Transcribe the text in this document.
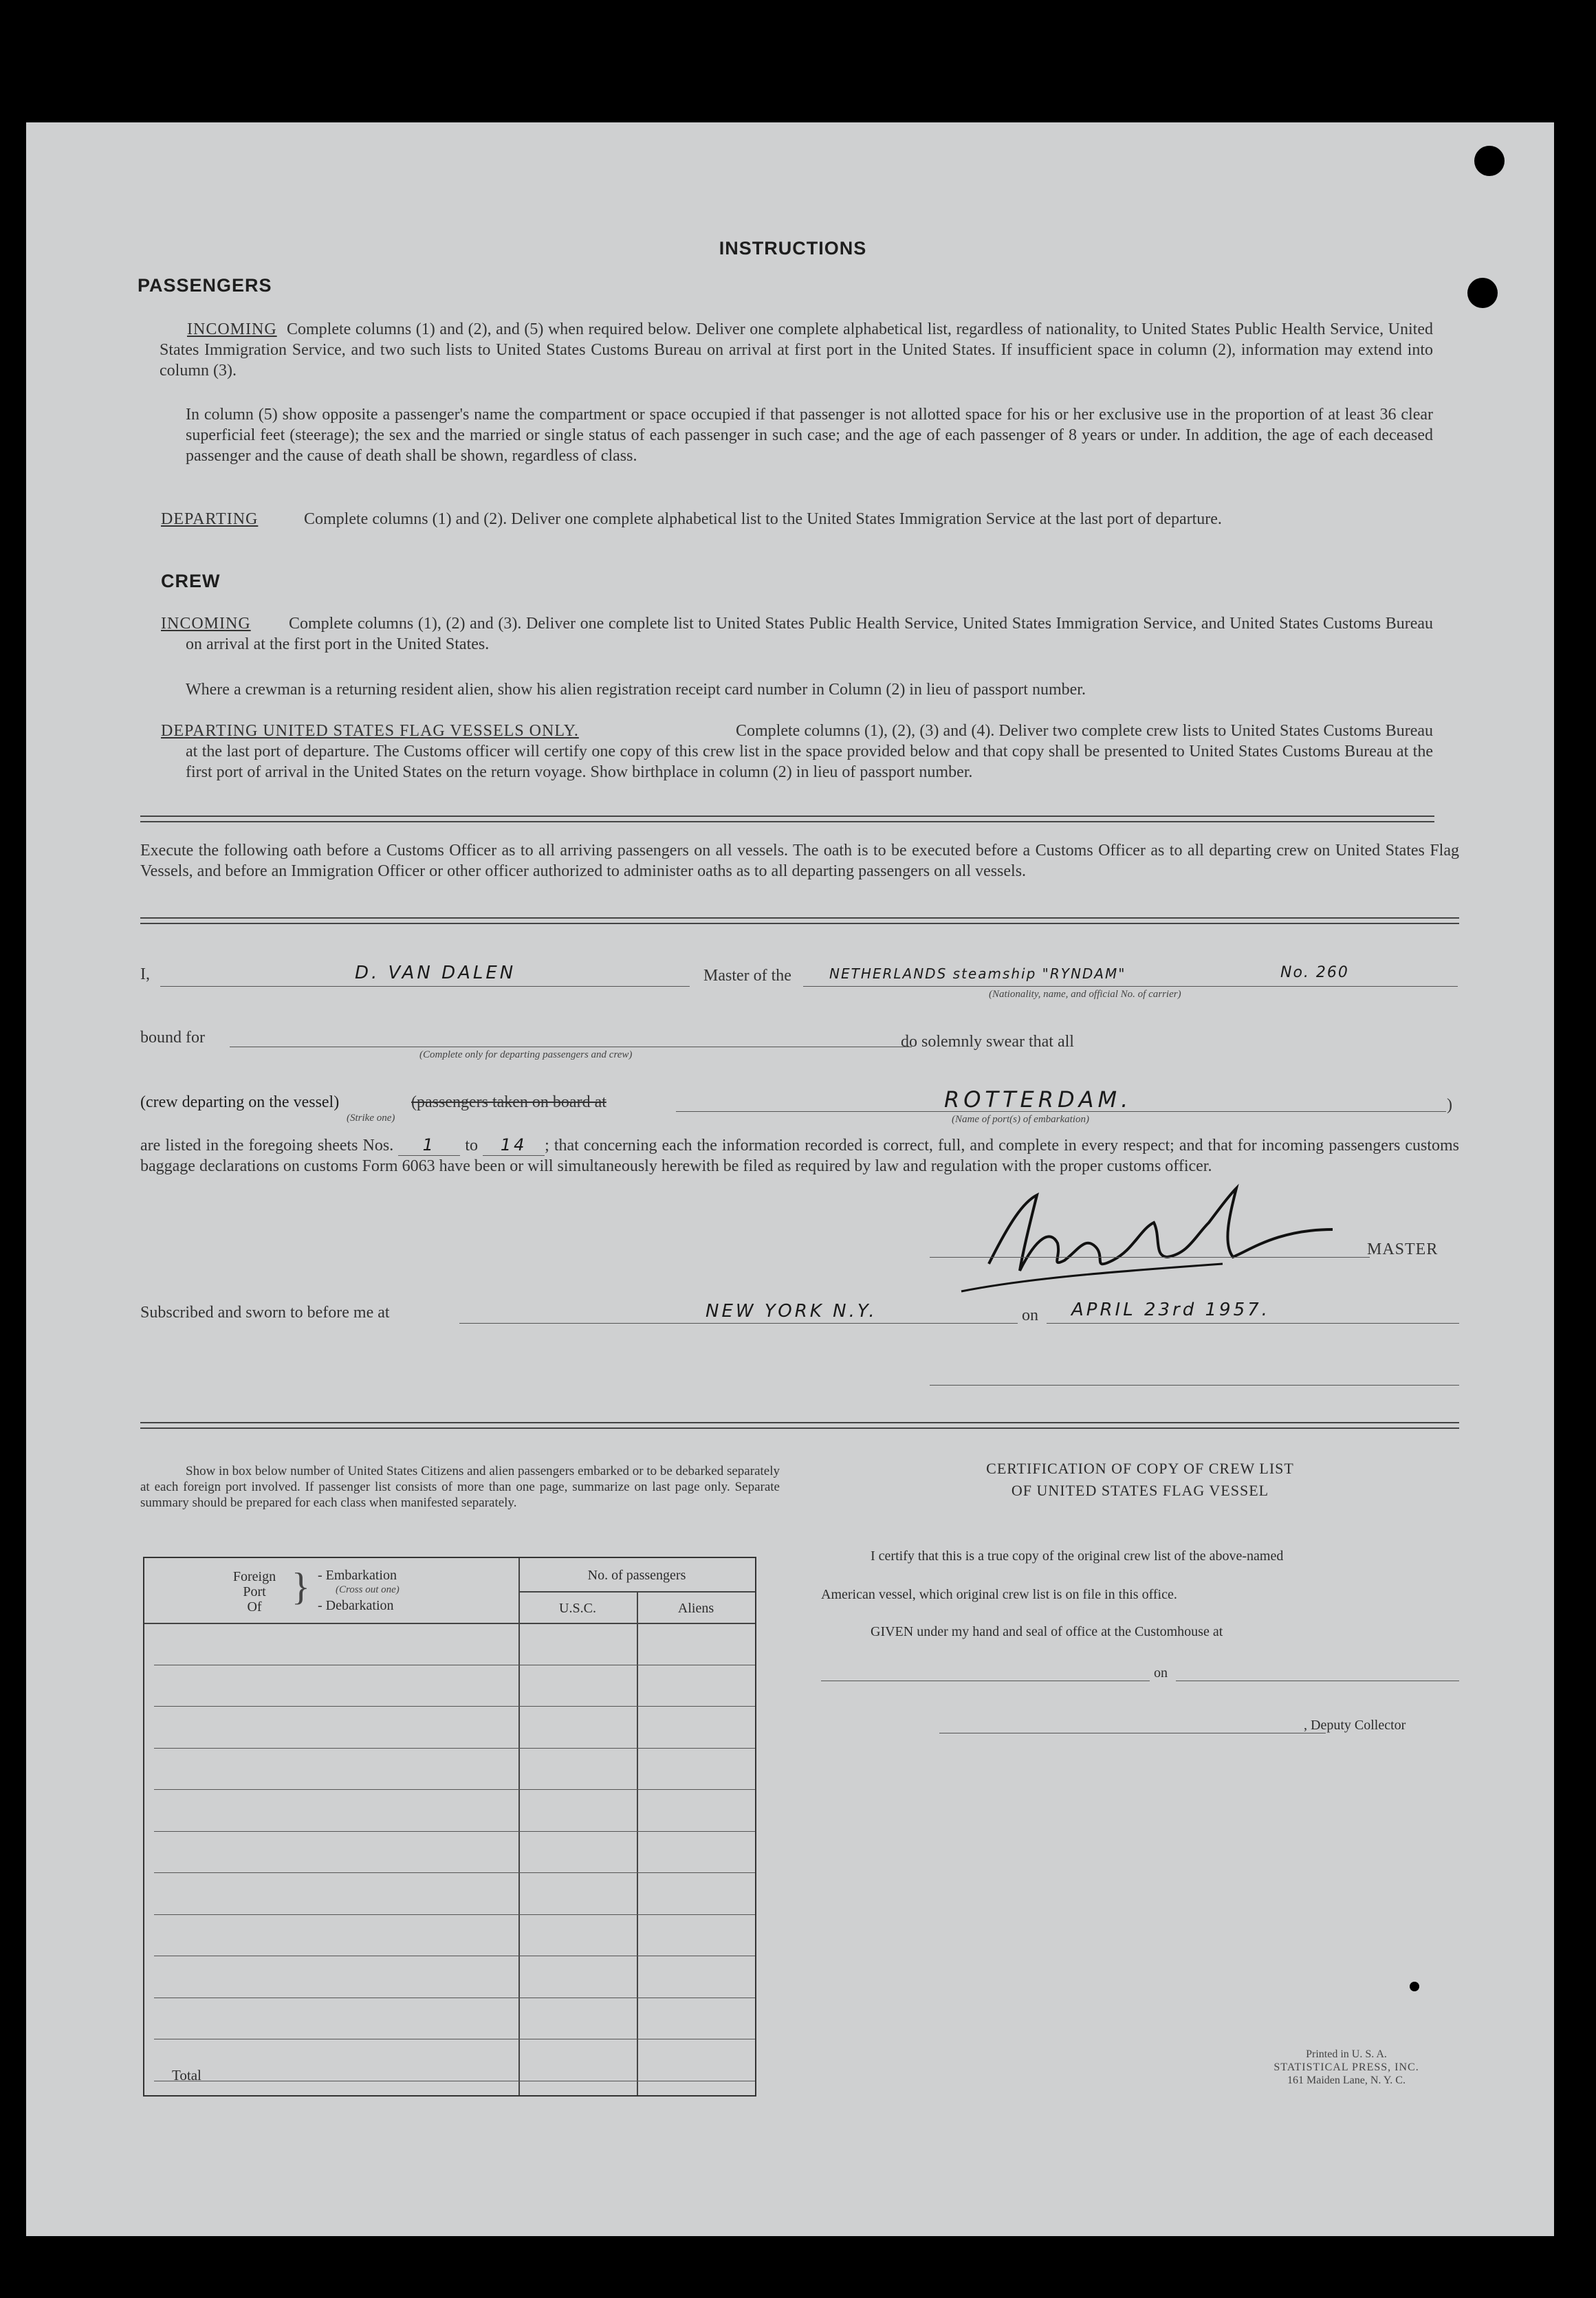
INSTRUCTIONS
PASSENGERS
INCOMING Complete columns (1) and (2), and (5) when required below. Deliver one complete alphabetical list, regardless of nationality, to United States Public Health Service, United States Immigration Service, and two such lists to United States Customs Bureau on arrival at first port in the United States. If insufficient space in column (2), information may extend into column (3).
In column (5) show opposite a passenger's name the compartment or space occupied if that passenger is not allotted space for his or her exclusive use in the proportion of at least 36 clear superficial feet (steerage); the sex and the married or single status of each passenger in such case; and the age of each passenger of 8 years or under. In addition, the age of each deceased passenger and the cause of death shall be shown, regardless of class.
DEPARTING	Complete columns (1) and (2). Deliver one complete alphabetical list to the United States Immigration Service at the last port of departure.
CREW
INCOMING Complete columns (1), (2) and (3). Deliver one complete list to United States Public Health Service, United States Immigration Service, and United States Customs Bureau on arrival at the first port in the United States.
Where a crewman is a returning resident alien, show his alien registration receipt card number in Column (2) in lieu of passport number.
DEPARTING UNITED STATES FLAG VESSELS ONLY.	Complete columns (1), (2), (3) and (4). Deliver two complete crew lists to United States Customs Bureau at the last port of departure. The Customs officer will certify one copy of this crew list in the space provided below and that copy shall be presented to United States Customs Bureau at the first port of arrival in the United States on the return voyage. Show birthplace in column (2) in lieu of passport number.
Execute the following oath before a Customs Officer as to all arriving passengers on all vessels. The oath is to be executed before a Customs Officer as to all departing crew on United States Flag Vessels, and before an Immigration Officer or other officer authorized to administer oaths as to all departing passengers on all vessels.
I,	D. VAN DALEN	Master of the	NETHERLANDS steamship "RYNDAM"	No. 260
(Nationality, name, and official No. of carrier)
bound for
(Complete only for departing passengers and crew)
do solemnly swear that all
(crew departing on the vessel)	(passengers taken on board at
(Strike one)
ROTTERDAM.
(Name of port(s) of embarkation)
)
are listed in the foregoing sheets Nos. 1 to 14 ; that concerning each the information recorded is correct, full, and complete in every respect; and that for incoming passengers customs baggage declarations on customs Form 6063 have been or will simultaneously herewith be filed as required by law and regulation with the proper customs officer.
MASTER
Subscribed and sworn to before me at	NEW YORK N.Y.	on APRIL 23rd 1957.
Show in box below number of United States Citizens and alien passengers embarked or to be debarked separately at each foreign port involved. If passenger list consists of more than one page, summarize on last page only. Separate summary should be prepared for each class when manifested separately.
Foreign
Port
Of } - Embarkation
(Cross out one)
- Debarkation
No. of passengers
U.S.C.	Aliens
Total
CERTIFICATION OF COPY OF CREW LIST
OF UNITED STATES FLAG VESSEL
I certify that this is a true copy of the original crew list of the above-named
American vessel, which original crew list is on file in this office.
GIVEN under my hand and seal of office at the Customhouse at
on
, Deputy Collector
Printed in U. S. A.
STATISTICAL PRESS, INC.
161 Maiden Lane, N. Y. C.
